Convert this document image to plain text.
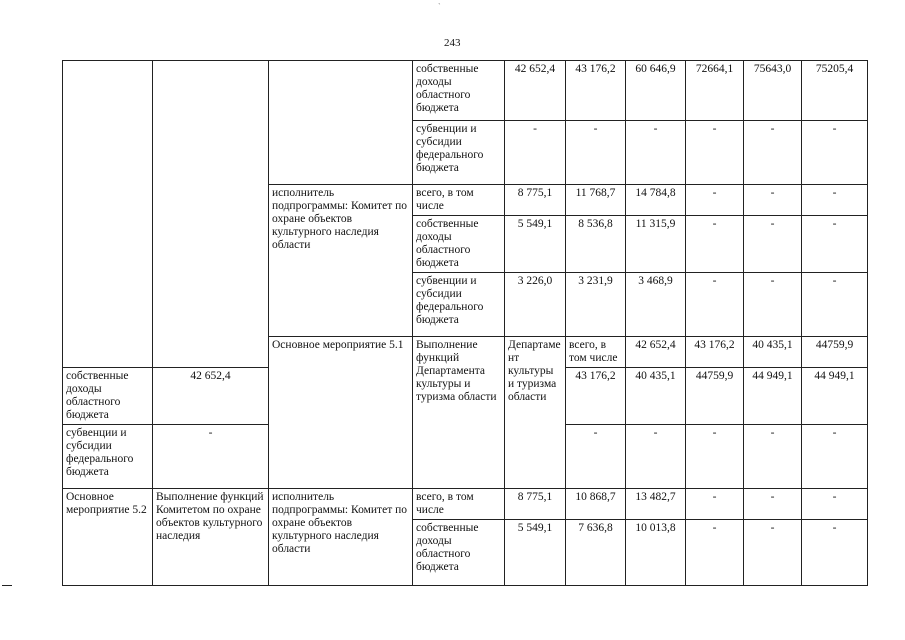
`
243
			собственные доходы областного бюджета	42 652,4	43 176,2	60 646,9	72664,1	75643,0	75205,4	
			субвенции и субсидии федерального бюджета	-	-	-	-	-	-	
		исполнитель подпрограммы: Комитет по охране объектов культурного наследия области	всего, в том числе	8 775,1	11 768,7	14 784,8	-	-	-	
			собственные доходы областного бюджета	5 549,1	8 536,8	11 315,9	-	-	-	
			субвенции и субсидии федерального бюджета	3 226,0	3 231,9	3 468,9	-	-	-	
		Основное мероприятие 5.1	Выполнение функций Департамента культуры и туризма области	Департамент культуры и туризма области	всего, в том числе	42 652,4	43 176,2	40 435,1	44759,9		
собственные доходы областного бюджета	42 652,4				43 176,2	40 435,1	44759,9	44 949,1	44 949,1	
субвенции и субсидии федерального бюджета	-				-	-	-	-	-	
Основное мероприятие 5.2	Выполнение функций Комитетом по охране объектов культурного наследия	исполнитель подпрограммы: Комитет по охране объектов культурного наследия области	всего, в том числе	8 775,1	10 868,7	13 482,7	-	-	-	
			собственные доходы областного бюджета	5 549,1	7 636,8	10 013,8	-	-	-	
